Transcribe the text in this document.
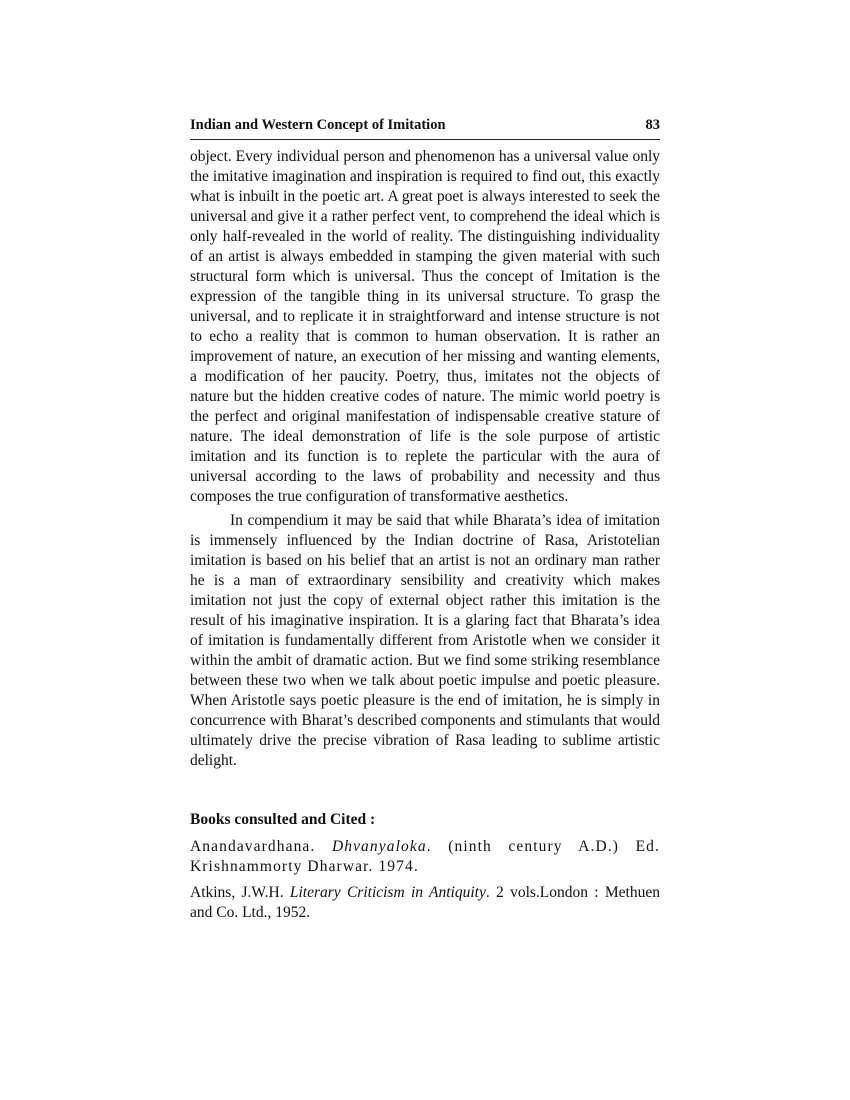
Indian and Western Concept of Imitation	83

object. Every individual person and phenomenon has a universal value only the imitative imagination and inspiration is required to find out, this exactly what is inbuilt in the poetic art. A great poet is always interested to seek the universal and give it a rather perfect vent, to comprehend the ideal which is only half-revealed in the world of reality. The distinguishing individuality of an artist is always embedded in stamping the given material with such structural form which is universal. Thus the concept of Imitation is the expression of the tangible thing in its universal structure. To grasp the universal, and to replicate it in straightforward and intense structure is not to echo a reality that is common to human observation. It is rather an improvement of nature, an execution of her missing and wanting elements, a modification of her paucity. Poetry, thus, imitates not the objects of nature but the hidden creative codes of nature. The mimic world poetry is the perfect and original manifestation of indispensable creative stature of nature. The ideal demonstration of life is the sole purpose of artistic imitation and its function is to replete the particular with the aura of universal according to the laws of probability and necessity and thus composes the true configuration of transformative aesthetics.

In compendium it may be said that while Bharata’s idea of imitation is immensely influenced by the Indian doctrine of Rasa, Aristotelian imitation is based on his belief that an artist is not an ordinary man rather he is a man of extraordinary sensibility and creativity which makes imitation not just the copy of external object rather this imitation is the result of his imaginative inspiration. It is a glaring fact that Bharata’s idea of imitation is fundamentally different from Aristotle when we consider it within the ambit of dramatic action. But we find some striking resemblance between these two when we talk about poetic impulse and poetic pleasure. When Aristotle says poetic pleasure is the end of imitation, he is simply in concurrence with Bharat’s described components and stimulants that would ultimately drive the precise vibration of Rasa leading to sublime artistic delight.

Books consulted and Cited :

Anandavardhana. Dhvanyaloka. (ninth century A.D.) Ed. Krishnammorty Dharwar. 1974.

Atkins, J.W.H. Literary Criticism in Antiquity. 2 vols.London : Methuen and Co. Ltd., 1952.
